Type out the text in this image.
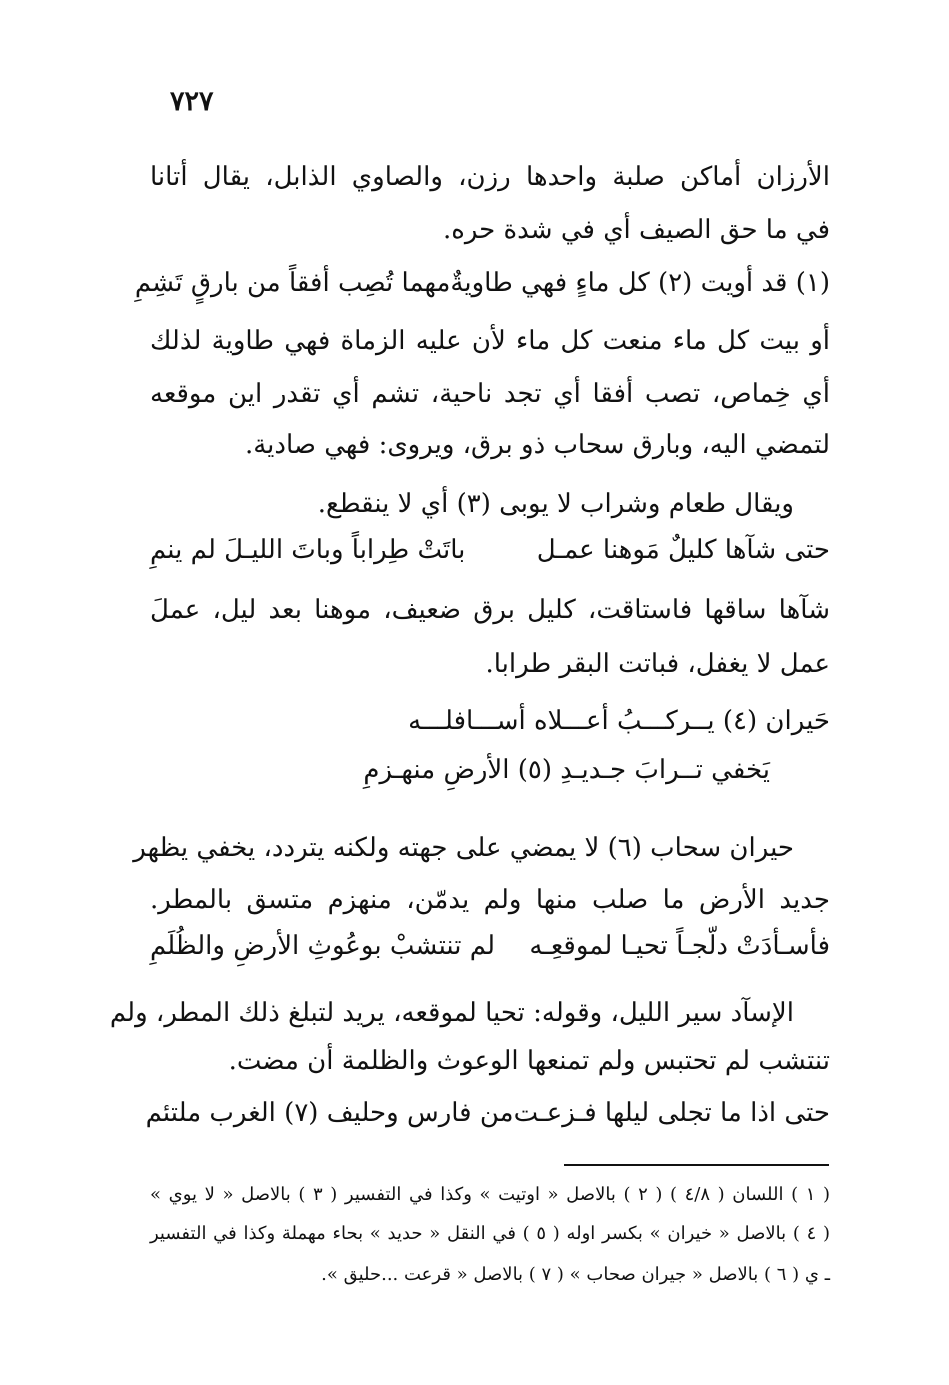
٧٢٧
الأرزان أماكن صلبة واحدها رزن، والصاوي الذابل، يقال أتانا
في ما حق الصيف أي في شدة حره.
(١) قد أويت (٢) كل ماءٍ فهي طاويةٌ
مهما تُصِب أفقاً من بارقٍ تَشِمِ
أو بيت كل ماء منعت كل ماء لأن عليه الزماة فهي طاوية لذلك
أي خِماص، تصب أفقا أي تجد ناحية، تشم أي تقدر اين موقعه
لتمضي اليه، وبارق سحاب ذو برق، ويروى: فهي صادية.
ويقال طعام وشراب لا يوبى (٣) أي لا ينقطع.
حتى شآها كليلٌ مَوهنا عمـل
باتَتْ طِراباً وباتَ الليـلَ لم ينمِ
شآها ساقها فاستاقت، كليل برق ضعيف، موهنا بعد ليل، عملَ
عمل لا يغفل، فباتت البقر طرابا.
حَيران (٤) يــركـــبُ أعـــلاه أســـافلـــه
يَخفي تــرابَ جـديـدِ (٥) الأرضِ منهـزمِ
حيران سحاب (٦) لا يمضي على جهته ولكنه يتردد، يخفي يظهر
جديد الأرض ما صلب منها ولم يدمّن، منهزم متسق بالمطر.
فأسـأدَتْ دلّجـاً تحيـا لموقعِـه
لم تنتشبْ بوعُوثِ الأرضِ والظُلَمِ
الإسآد سير الليل، وقوله: تحيا لموقعه، يريد لتبلغ ذلك المطر، ولم
تنتشب لم تحتبس ولم تمنعها الوعوث والظلمة أن مضت.
حتى اذا ما تجلى ليلها فـزعـت
من فارس وحليف (٧) الغرب ملتئم
( ١ ) اللسان ( ٤/٨ ) ( ٢ ) بالاصل « اوتيت » وكذا في التفسير ( ٣ ) بالاصل « لا يوي »
( ٤ ) بالاصل « خيران » بكسر اوله ( ٥ ) في النقل « حديد » بحاء مهملة وكذا في التفسير
ـ ي ( ٦ ) بالاصل « جيران صحاب » ( ٧ ) بالاصل « قرعت ...حليق ».
